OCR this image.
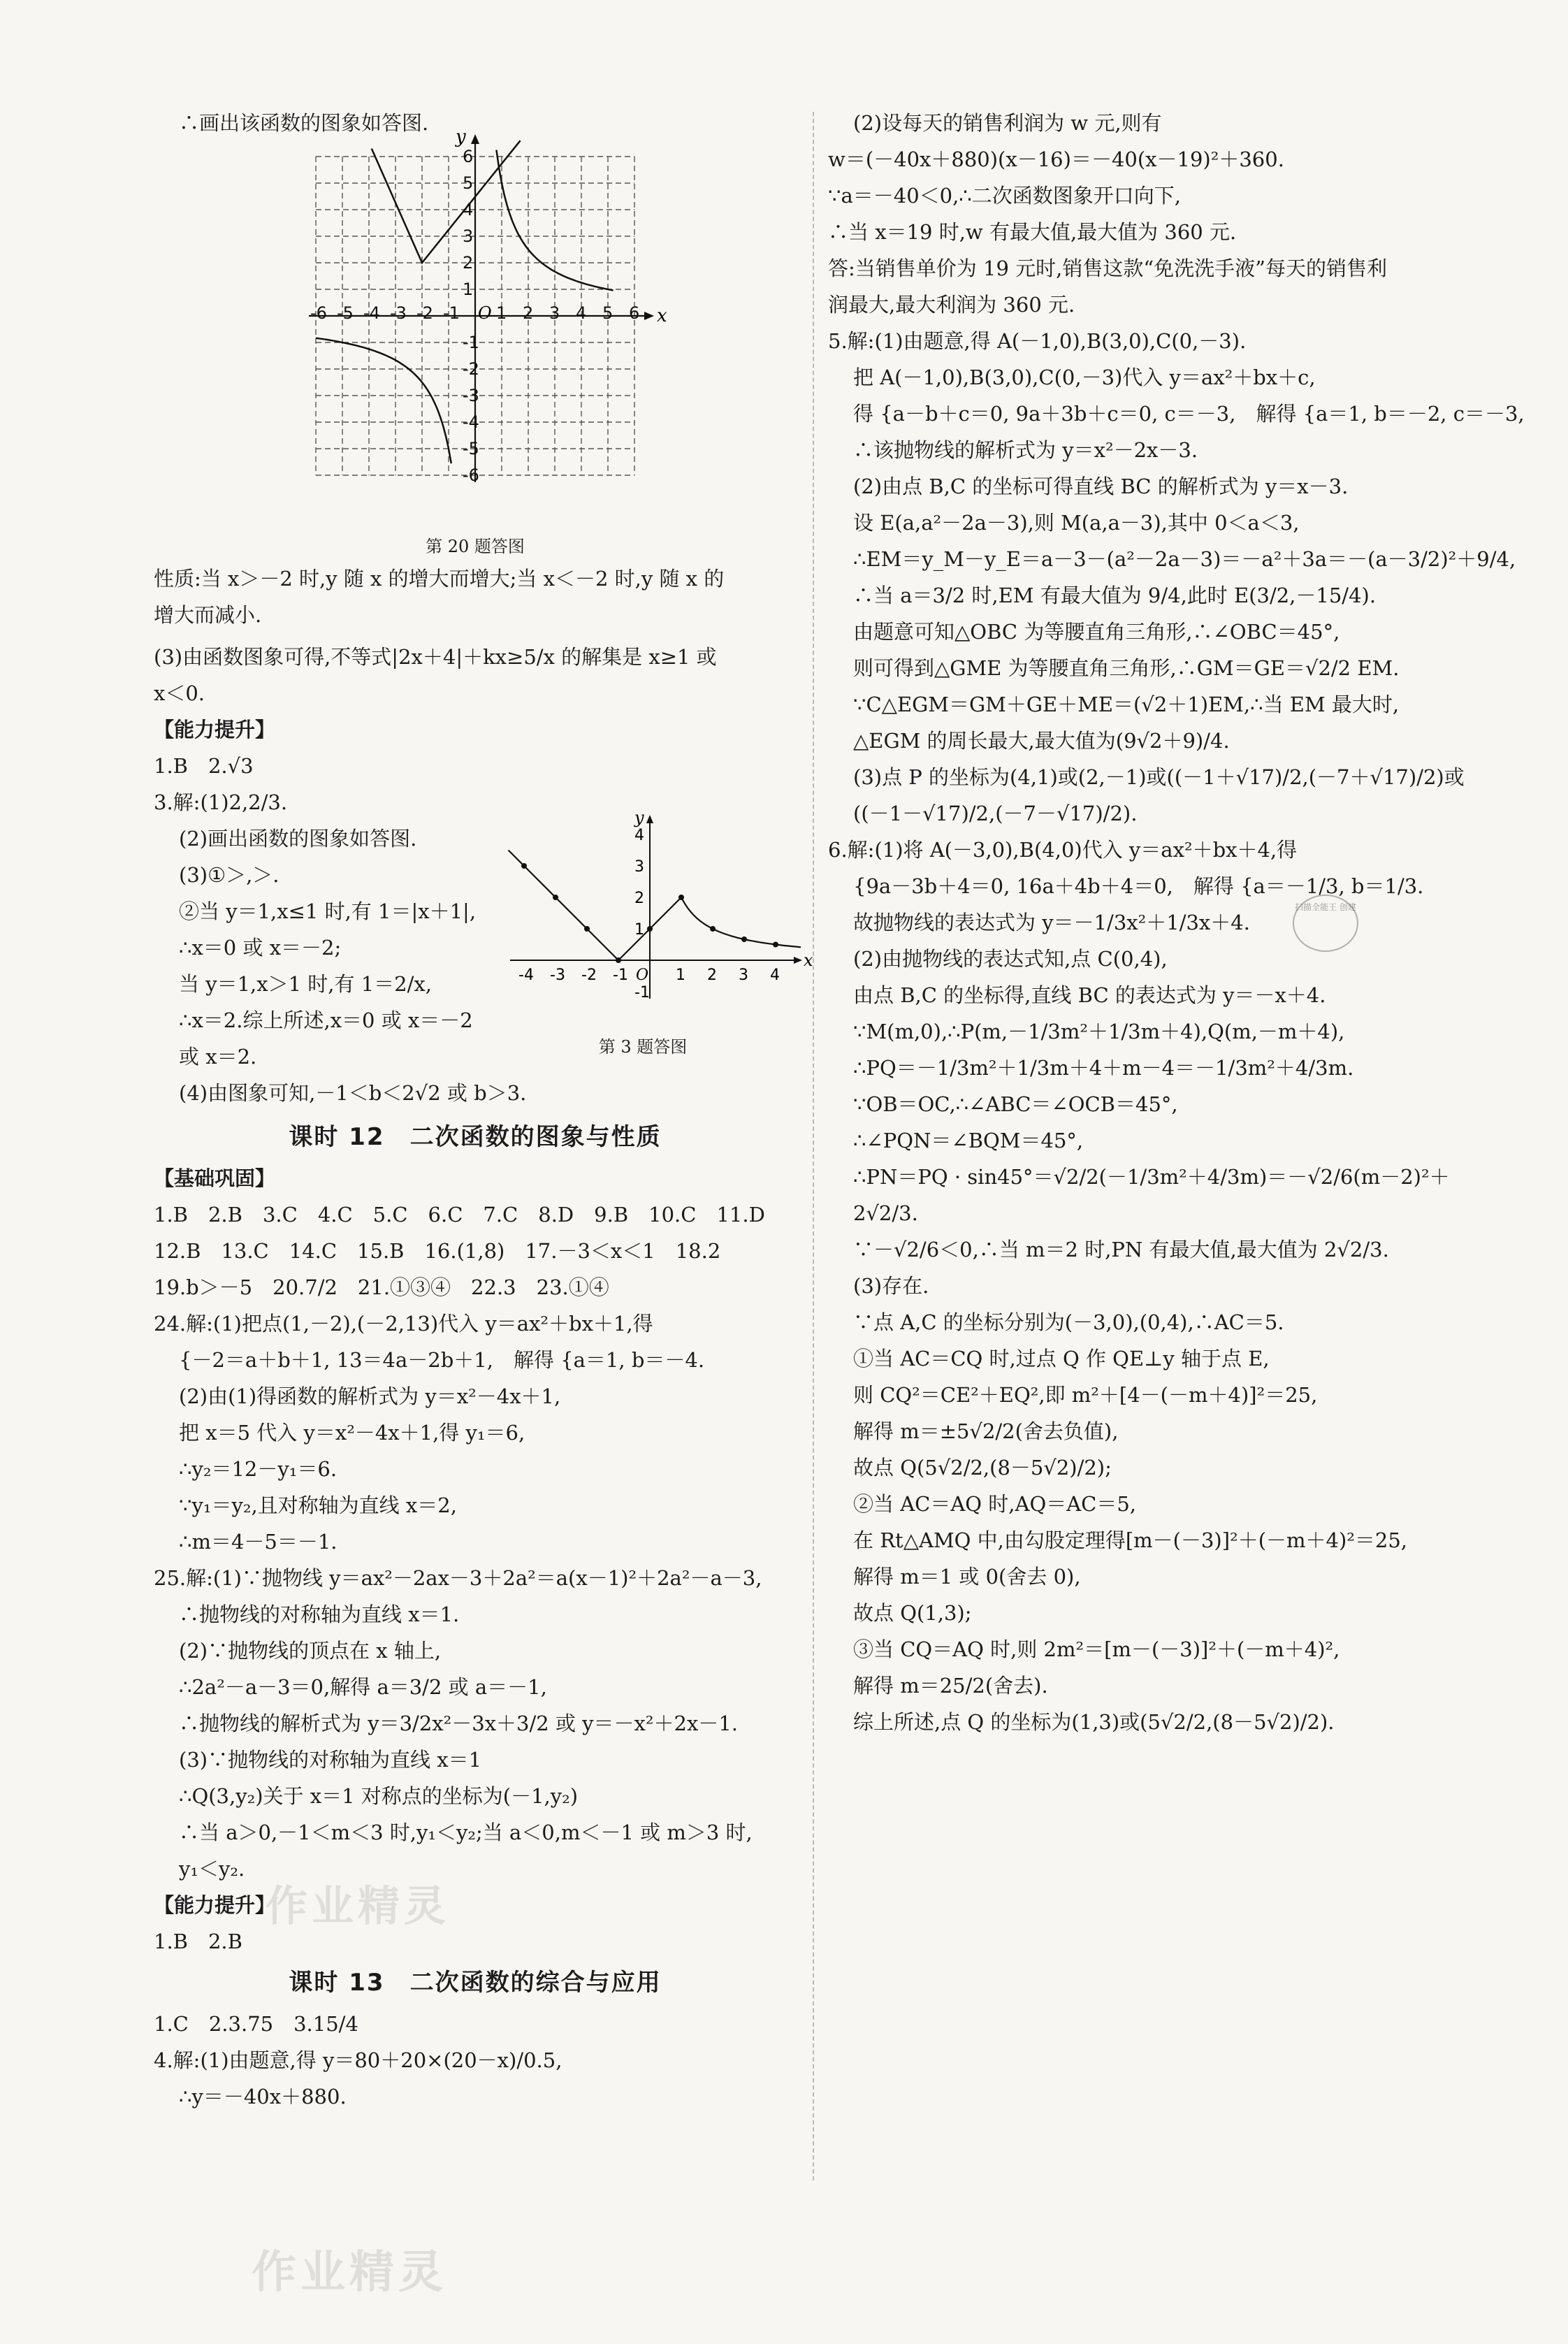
∴画出该函数的图象如答图.
x
y
-6 -5 -4 -3 -2 -1 1 2 3 4 5 6
-6
-5
-4
-3
-2
-1
1
2
3
4
5
6
O
第 20 题答图
性质:当 x＞－2 时,y 随 x 的增大而增大;当 x＜－2 时,y 随 x 的
增大而减小.
(3)由函数图象可得,不等式|2x＋4|＋kx≥5/x 的解集是 x≥1 或
x＜0.
【能力提升】
1.B　2.√3
3.解:(1)2,2/3.
(2)画出函数的图象如答图.
(3)①＞,＞.
②当 y＝1,x≤1 时,有 1＝|x＋1|,
∴x＝0 或 x＝－2;
当 y＝1,x＞1 时,有 1＝2/x,
∴x＝2.综上所述,x＝0 或 x＝－2
或 x＝2.
(4)由图象可知,－1＜b＜2√2 或 b＞3.
x
y
-4 -3 -2 -1	1 2 3 4
-1
1
2
3
4
O
第 3 题答图
课时 12　二次函数的图象与性质
【基础巩固】
1.B　2.B　3.C　4.C　5.C　6.C　7.C　8.D　9.B　10.C　11.D
12.B　13.C　14.C　15.B　16.(1,8)　17.－3＜x＜1　18.2
19.b＞－5　20.7/2　21.①③④　22.3　23.①④
24.解:(1)把点(1,－2),(－2,13)代入 y＝ax²＋bx＋1,得
{－2＝a＋b＋1, 13＝4a－2b＋1,　解得 {a＝1, b＝－4.
(2)由(1)得函数的解析式为 y＝x²－4x＋1,
把 x＝5 代入 y＝x²－4x＋1,得 y₁＝6,
∴y₂＝12－y₁＝6.
∵y₁＝y₂,且对称轴为直线 x＝2,
∴m＝4－5＝－1.
25.解:(1)∵抛物线 y＝ax²－2ax－3＋2a²＝a(x－1)²＋2a²－a－3,
∴抛物线的对称轴为直线 x＝1.
(2)∵抛物线的顶点在 x 轴上,
∴2a²－a－3＝0,解得 a＝3/2 或 a＝－1,
∴抛物线的解析式为 y＝3/2x²－3x＋3/2 或 y＝－x²＋2x－1.
(3)∵抛物线的对称轴为直线 x＝1
∴Q(3,y₂)关于 x＝1 对称点的坐标为(－1,y₂)
∴当 a＞0,－1＜m＜3 时,y₁＜y₂;当 a＜0,m＜－1 或 m＞3 时,
y₁＜y₂.
【能力提升】
1.B　2.B
课时 13　二次函数的综合与应用
1.C　2.3.75　3.15/4
4.解:(1)由题意,得 y＝80＋20×(20－x)/0.5,
∴y＝－40x＋880.
(2)设每天的销售利润为 w 元,则有
w＝(－40x＋880)(x－16)＝－40(x－19)²＋360.
∵a＝－40＜0,∴二次函数图象开口向下,
∴当 x＝19 时,w 有最大值,最大值为 360 元.
答:当销售单价为 19 元时,销售这款“免洗洗手液”每天的销售利
润最大,最大利润为 360 元.
5.解:(1)由题意,得 A(－1,0),B(3,0),C(0,－3).
把 A(－1,0),B(3,0),C(0,－3)代入 y＝ax²＋bx＋c,
得 {a－b＋c＝0, 9a＋3b＋c＝0, c＝－3,　解得 {a＝1, b＝－2, c＝－3,
∴该抛物线的解析式为 y＝x²－2x－3.
(2)由点 B,C 的坐标可得直线 BC 的解析式为 y＝x－3.
设 E(a,a²－2a－3),则 M(a,a－3),其中 0＜a＜3,
∴EM＝y_M－y_E＝a－3－(a²－2a－3)＝－a²＋3a＝－(a－3/2)²＋9/4,
∴当 a＝3/2 时,EM 有最大值为 9/4,此时 E(3/2,－15/4).
由题意可知△OBC 为等腰直角三角形,∴∠OBC＝45°,
则可得到△GME 为等腰直角三角形,∴GM＝GE＝√2/2 EM.
∵C△EGM＝GM＋GE＋ME＝(√2＋1)EM,∴当 EM 最大时,
△EGM 的周长最大,最大值为(9√2＋9)/4.
(3)点 P 的坐标为(4,1)或(2,－1)或((－1＋√17)/2,(－7＋√17)/2)或
((－1－√17)/2,(－7－√17)/2).
6.解:(1)将 A(－3,0),B(4,0)代入 y＝ax²＋bx＋4,得
{9a－3b＋4＝0, 16a＋4b＋4＝0,　解得 {a＝－1/3, b＝1/3.
故抛物线的表达式为 y＝－1/3x²＋1/3x＋4.
(2)由抛物线的表达式知,点 C(0,4),
由点 B,C 的坐标得,直线 BC 的表达式为 y＝－x＋4.
∵M(m,0),∴P(m,－1/3m²＋1/3m＋4),Q(m,－m＋4),
∴PQ＝－1/3m²＋1/3m＋4＋m－4＝－1/3m²＋4/3m.
∵OB＝OC,∴∠ABC＝∠OCB＝45°,
∴∠PQN＝∠BQM＝45°,
∴PN＝PQ · sin45°＝√2/2(－1/3m²＋4/3m)＝－√2/6(m－2)²＋
2√2/3.
∵－√2/6＜0,∴当 m＝2 时,PN 有最大值,最大值为 2√2/3.
(3)存在.
∵点 A,C 的坐标分别为(－3,0),(0,4),∴AC＝5.
①当 AC＝CQ 时,过点 Q 作 QE⊥y 轴于点 E,
则 CQ²＝CE²＋EQ²,即 m²＋[4－(－m＋4)]²＝25,
解得 m＝±5√2/2(舍去负值),
故点 Q(5√2/2,(8－5√2)/2);
②当 AC＝AQ 时,AQ＝AC＝5,
在 Rt△AMQ 中,由勾股定理得[m－(－3)]²＋(－m＋4)²＝25,
解得 m＝1 或 0(舍去 0),
故点 Q(1,3);
③当 CQ＝AQ 时,则 2m²＝[m－(－3)]²＋(－m＋4)²,
解得 m＝25/2(舍去).
综上所述,点 Q 的坐标为(1,3)或(5√2/2,(8－5√2)/2).
作业精灵
作业精灵
扫描全能王 创建
